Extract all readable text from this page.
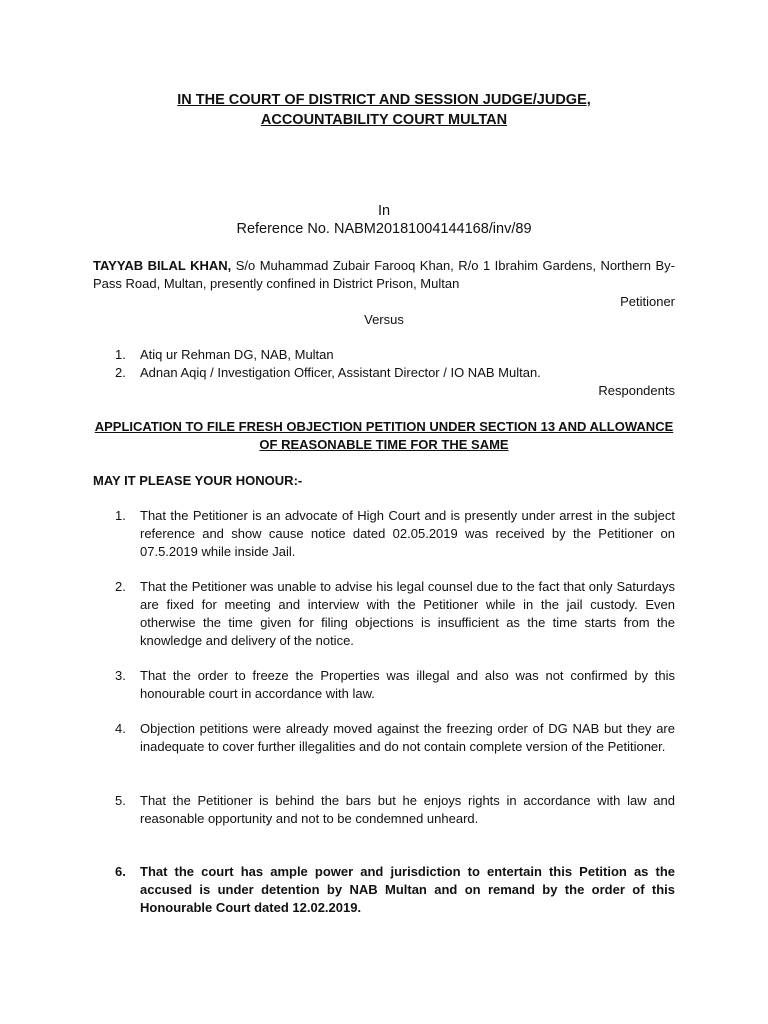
IN THE COURT OF DISTRICT AND SESSION JUDGE/JUDGE,
ACCOUNTABILITY COURT MULTAN
In
Reference No. NABM20181004144168/inv/89
TAYYAB BILAL KHAN, S/o Muhammad Zubair Farooq Khan, R/o 1 Ibrahim Gardens, Northern By-Pass Road, Multan, presently confined in District Prison, Multan
Petitioner
Versus
1. Atiq ur Rehman DG, NAB, Multan
2. Adnan Aqiq / Investigation Officer, Assistant Director / IO NAB Multan.
Respondents
APPLICATION TO FILE FRESH OBJECTION PETITION UNDER SECTION 13 AND ALLOWANCE
OF REASONABLE TIME FOR THE SAME
MAY IT PLEASE YOUR HONOUR:-
1.	That the Petitioner is an advocate of High Court and is presently under arrest in the subject reference and show cause notice dated 02.05.2019 was received by the Petitioner on 07.5.2019 while inside Jail.
2.	That the Petitioner was unable to advise his legal counsel due to the fact that only Saturdays are fixed for meeting and interview with the Petitioner while in the jail custody. Even otherwise the time given for filing objections is insufficient as the time starts from the knowledge and delivery of the notice.
3.	That the order to freeze the Properties was illegal and also was not confirmed by this honourable court in accordance with law.
4.	Objection petitions were already moved against the freezing order of DG NAB but they are inadequate to cover further illegalities and do not contain complete version of the Petitioner.
5.	That the Petitioner is behind the bars but he enjoys rights in accordance with law and reasonable opportunity and not to be condemned unheard.
6.	That the court has ample power and jurisdiction to entertain this Petition as the accused is under detention by NAB Multan and on remand by the order of this Honourable Court dated 12.02.2019.
